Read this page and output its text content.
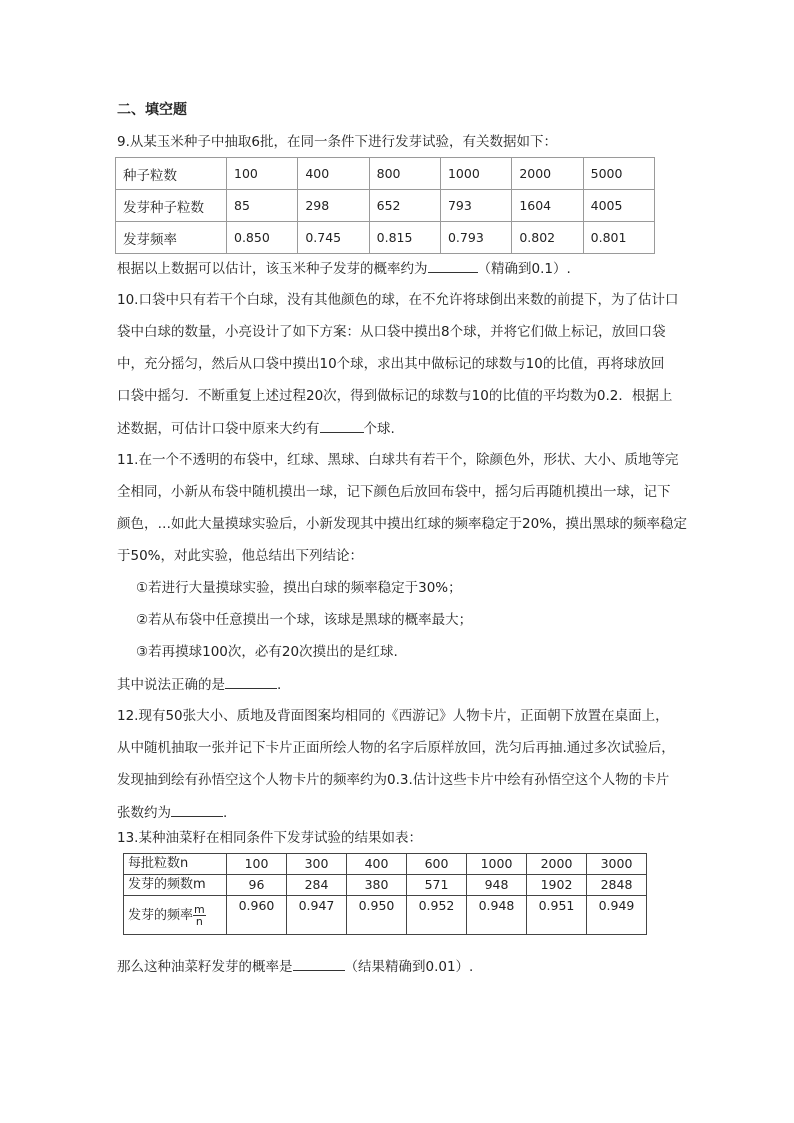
二、填空题
9.从某玉米种子中抽取6批，在同一条件下进行发芽试验，有关数据如下：
种子粒数	100	400	800	1000	2000	5000
发芽种子粒数	85	298	652	793	1604	4005
发芽频率	0.850	0.745	0.815	0.793	0.802	0.801
根据以上数据可以估计，该玉米种子发芽的概率约为	（精确到0.1）.
10.口袋中只有若干个白球，没有其他颜色的球，在不允许将球倒出来数的前提下，为了估计口
袋中白球的数量，小亮设计了如下方案：从口袋中摸出8个球，并将它们做上标记，放回口袋
中，充分摇匀，然后从口袋中摸出10个球，求出其中做标记的球数与10的比值，再将球放回
口袋中摇匀．不断重复上述过程20次，得到做标记的球数与10的比值的平均数为0.2．根据上
述数据，可估计口袋中原来大约有	个球.
11.在一个不透明的布袋中，红球、黑球、白球共有若干个，除颜色外，形状、大小、质地等完
全相同，小新从布袋中随机摸出一球，记下颜色后放回布袋中，摇匀后再随机摸出一球，记下
颜色，…如此大量摸球实验后，小新发现其中摸出红球的频率稳定于20%，摸出黑球的频率稳定
于50%，对此实验，他总结出下列结论：
①若进行大量摸球实验，摸出白球的频率稳定于30%；
②若从布袋中任意摸出一个球，该球是黑球的概率最大；
③若再摸球100次，必有20次摸出的是红球.
其中说法正确的是	.
12.现有50张大小、质地及背面图案均相同的《西游记》人物卡片，正面朝下放置在桌面上，
从中随机抽取一张并记下卡片正面所绘人物的名字后原样放回，洗匀后再抽.通过多次试验后，
发现抽到绘有孙悟空这个人物卡片的频率约为0.3.估计这些卡片中绘有孙悟空这个人物的卡片
张数约为	.
13.某种油菜籽在相同条件下发芽试验的结果如表：
每批粒数n	100	300	400	600	1000	2000	3000
发芽的频数m	96	284	380	571	948	1902	2848
发芽的频率 $\frac{m}{n}$	0.960	0.947	0.950	0.952	0.948	0.951	0.949
那么这种油菜籽发芽的概率是	（结果精确到0.01）.
